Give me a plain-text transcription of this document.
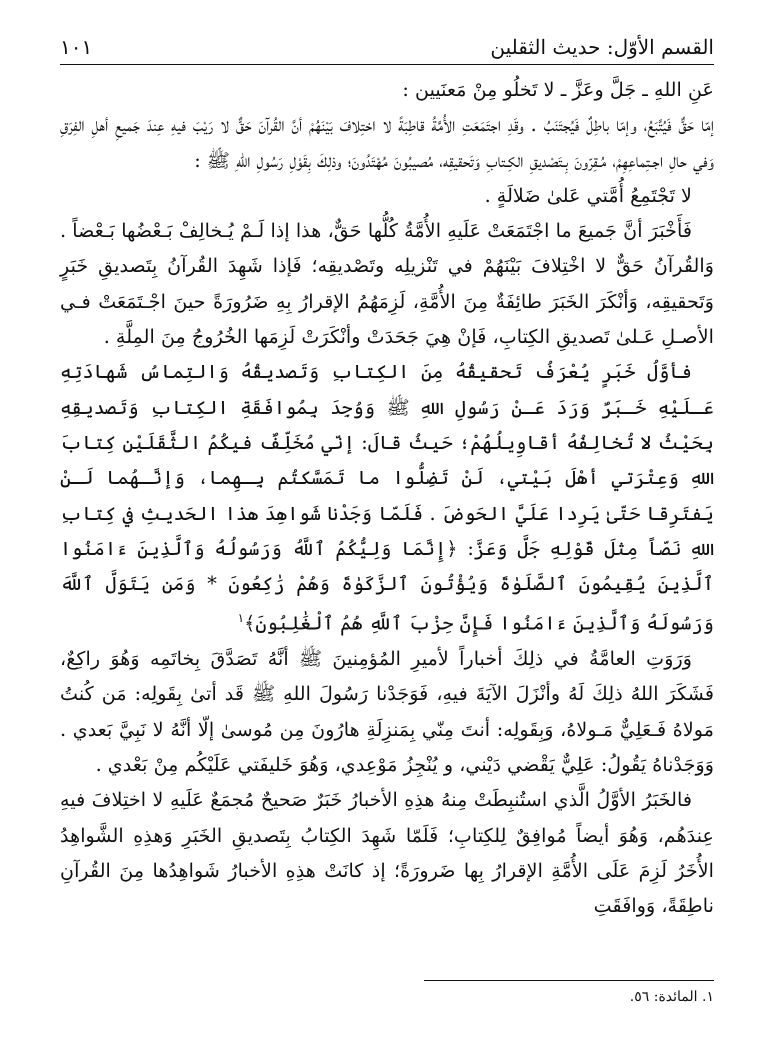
القسم الأوّل: حديث الثقلين
١٠١

عَنِ اللهِ ـ جَلَّ وعَزَّ ـ لا تَخلُو مِنْ مَعنَيين :

إمّا حَقٌّ فَيُتَّبَعُ، وإمّا باطِلٌ فَيُجتَنَبُ . وقَدِ اجتَمَعَتِ الأُمَّةُ قاطِبَةً لا اختِلافَ بَيْنَهُمْ أنَّ القُرآنَ حَقٌّ لا رَيْبَ فيهِ عِندَ جَميعِ أهلِ الفِرَقِ وَفي حالِ اجـتِماعِهِمْ، مُـقِرّونَ بِـتَصْديقِ الكِـتابِ وَتَحقيقِه، مُصيبُونَ مُهْتَدُونَ؛ وذلِكَ بِقَوْلِ رَسُولِ اللهِ ﷺ :

لا تَجْتَمِعُ أُمَّتي عَلىٰ ضَلالَةٍ .

فَأَخْبَرَ أنَّ جَميعَ ما اجْتَمَعَتْ عَلَيهِ الأُمَّةُ كُلُّها حَقٌّ، هذا إذا لَـمْ يُـخالِفْ بَـعْضُها بَـعْضاً . وَالقُرآنُ حَقٌّ لا اخْتِلافَ بَيْنَهُمْ في تَنْزيلِه وتَصْديقِه؛ فَإذا شَهِدَ القُرآنُ بِتَصديقِ خَبَرٍ وَتَحقيقِه، وَأنْكَرَ الخَبَرَ طائِفَةٌ مِنَ الأُمَّةِ، لَزِمَهُمُ الإقرارُ بِهِ ضَرُورَةً حينَ اجْـتَمَعَتْ فـي الأصـلِ عَـلىٰ تَصديقِ الكِتابِ، فَإنْ هِيَ جَحَدَتْ وأنْكَرَتْ لَزِمَها الخُرُوجُ مِنَ المِلَّةِ .

فأوَّلُ خَبَرٍ يُعْرَفُ تَحقيقُهُ مِنَ الكِتابِ وَتَصديقُهُ وَالتِماسُ شَهادَتِهِ عَـلَيْهِ خَـبَرٌ وَرَدَ عَـنْ رَسُولِ اللهِ ﷺ وَوُجِدَ بِمُوافَقَةِ الكِتابِ وَتَصديقِهِ بِحَيْثُ لا تُخالِفُهُ أقاوِيلُهُمْ؛ حَيثُ قالَ: إنّي مُخَلِّفٌ فيكُمُ الثَّقَلَيْنِ كِتابَ اللهِ وَعِتْرَتي أهْلَ بَيْتي، لَنْ تَضِلُّوا ما تَمَسَّكتُم بِـهِما، وَإنَّـهُما لَـنْ يَفتَرِقا حَتّىٰ يَرِدا عَلَيَّ الحَوضَ . فَلَمّا وَجَدْنا شَواهِدَ هذا الحَديثِ في كِتابِ اللهِ نَصّاً مِثلَ قَوْلِهِ جَلَّ وَعَزَّ: ﴿إِنَّمَا وَلِيُّكُمُ ٱللَّهُ وَرَسُولُهُ وَٱلَّذِينَ ءَامَنُوا ٱلَّذِينَ يُقِيمُونَ ٱلصَّلَوٰةَ وَيُؤْتُونَ ٱلزَّكَوٰةَ وَهُمْ رَٰكِعُونَ * وَمَن يَتَوَلَّ ٱللَّهَ وَرَسُولَهُ وَٱلَّذِينَ ءَامَنُوا فَإِنَّ حِزْبَ ٱللَّهِ هُمُ ٱلْغَٰلِبُونَ﴾$^١$

وَرَوَتِ العامَّةُ في ذلِكَ أخباراً لأميرِ المُؤمِنينَ ﷺ أنَّهُ تَصَدَّقَ بِخاتَمِه وَهُوَ راكِعٌ، فَشَكَرَ اللهُ ذلِكَ لَهُ وأنْزَلَ الآيَةَ فيهِ، فَوَجَدْنا رَسُولَ اللهِ ﷺ قَد أتىٰ بِقَولِه: مَن كُنتُ مَولاهُ فَـعَلِيٌّ مَـولاهُ، وَبِقَولِه: أنتَ مِنّي بِمَنزِلَةِ هارُونَ مِن مُوسىٰ إلّا أنَّهُ لا نَبِيَّ بَعدي . وَوَجَدْناهُ يَقُولُ: عَلِيٌّ يَقْضي دَيْني، و يُنْجِزُ مَوْعِدي، وَهُوَ خَليفَتي عَلَيْكُم مِنْ بَعْدي .

فالخَبَرُ الأوَّلُ الَّذي استُنبِطَتْ مِنهُ هذِهِ الأخبارُ خَبَرٌ صَحيحٌ مُجمَعٌ عَلَيهِ لا اختِلافَ فيهِ عِندَهُم، وَهُوَ أيضاً مُوافِقٌ لِلكِتابِ؛ فَلَمّا شَهِدَ الكِتابُ بِتَصديقِ الخَبَرِ وَهذِهِ الشَّواهِدُ الأُخَرُ لَزِمَ عَلَى الأُمَّةِ الإقرارُ بِها ضَرورَةً؛ إذ كانَتْ هذِهِ الأخبارُ شَواهِدُها مِنَ القُرآنِ ناطِقَةً، وَوافَقَتِ

١. المائدة: ٥٦.
